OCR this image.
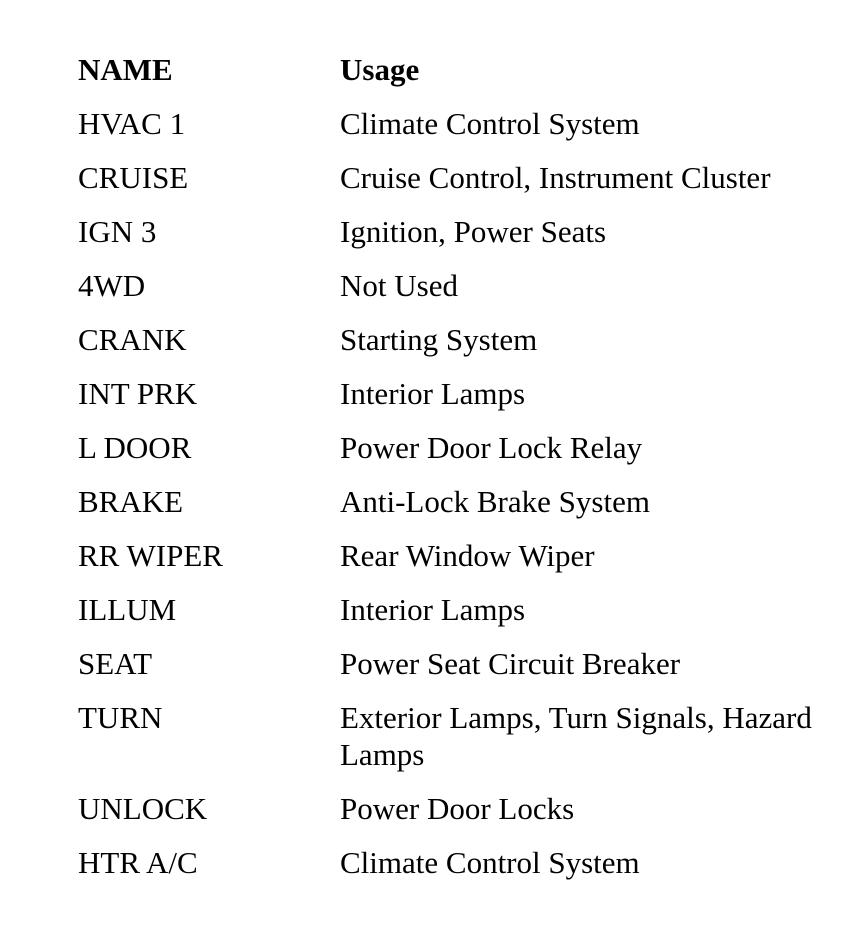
NAME	Usage
HVAC 1	Climate Control System
CRUISE	Cruise Control, Instrument Cluster
IGN 3	Ignition, Power Seats
4WD	Not Used
CRANK	Starting System
INT PRK	Interior Lamps
L DOOR	Power Door Lock Relay
BRAKE	Anti-Lock Brake System
RR WIPER	Rear Window Wiper
ILLUM	Interior Lamps
SEAT	Power Seat Circuit Breaker
TURN	Exterior Lamps, Turn Signals, Hazard Lamps
UNLOCK	Power Door Locks
HTR A/C	Climate Control System
